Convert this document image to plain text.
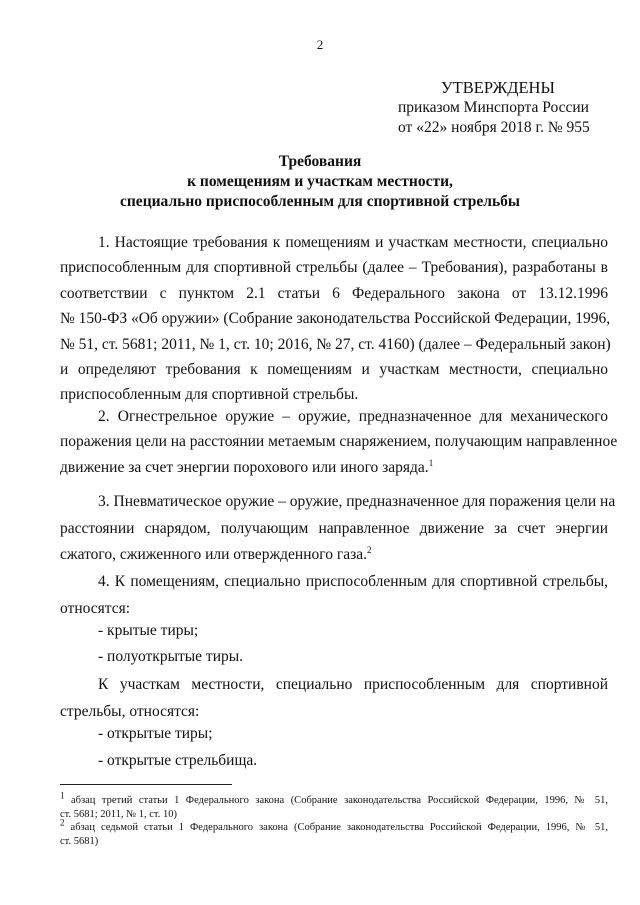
2
УТВЕРЖДЕНЫ
приказом Минспорта России
от «22» ноября 2018 г. № 955
Требования
к помещениям и участкам местности,
специально приспособленным для спортивной стрельбы

1. Настоящие требования к помещениям и участкам местности, специально
приспособленным для спортивной стрельбы (далее – Требования), разработаны в
соответствии с пунктом 2.1 статьи 6 Федерального закона от 13.12.1996
№ 150-ФЗ «Об оружии» (Собрание законодательства Российской Федерации, 1996,
№ 51, ст. 5681; 2011, № 1, ст. 10; 2016, № 27, ст. 4160) (далее – Федеральный закон)
и определяют требования к помещениям и участкам местности, специально
приспособленным для спортивной стрельбы.

2. Огнестрельное оружие – оружие, предназначенное для механического
поражения цели на расстоянии метаемым снаряжением, получающим направленное
движение за счет энергии порохового или иного заряда.$^1$

3. Пневматическое оружие – оружие, предназначенное для поражения цели на
расстоянии снарядом, получающим направленное движение за счет энергии
сжатого, сжиженного или отвержденного газа.$^2$

4. К помещениям, специально приспособленным для спортивной стрельбы,
относятся:

- крытые тиры;
- полуоткрытые тиры.

К участкам местности, специально приспособленным для спортивной
стрельбы, относятся:

- открытые тиры;
- открытые стрельбища.
$^1$ абзац третий статьи 1 Федерального закона (Собрание законодательства Российской Федерации, 1996, № 51,
ст. 5681; 2011, № 1, ст. 10)
$^2$ абзац седьмой статьи 1 Федерального закона (Собрание законодательства Российской Федерации, 1996, № 51,
ст. 5681)
